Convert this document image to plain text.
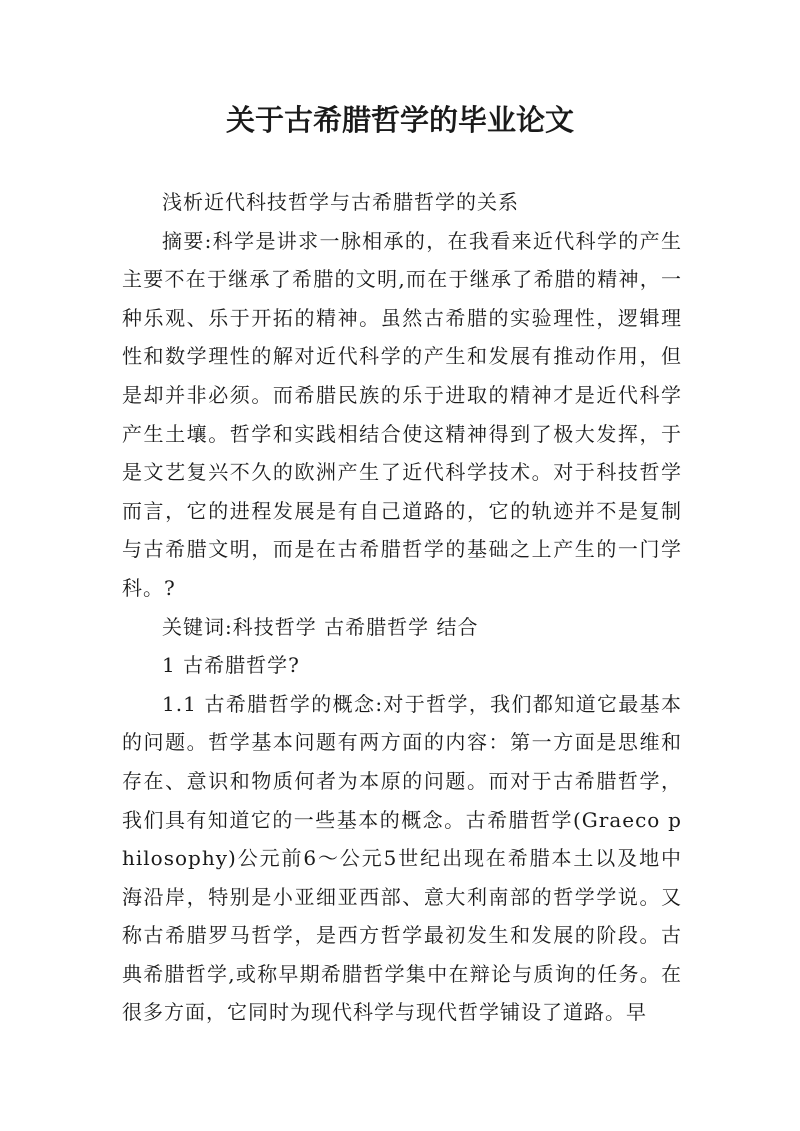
关于古希腊哲学的毕业论文

浅析近代科技哲学与古希腊哲学的关系

摘要:科学是讲求一脉相承的，在我看来近代科学的产生主要不在于继承了希腊的文明,而在于继承了希腊的精神，一种乐观、乐于开拓的精神。虽然古希腊的实验理性，逻辑理性和数学理性的解对近代科学的产生和发展有推动作用，但是却并非必须。而希腊民族的乐于进取的精神才是近代科学产生土壤。哲学和实践相结合使这精神得到了极大发挥，于是文艺复兴不久的欧洲产生了近代科学技术。对于科技哲学而言，它的进程发展是有自己道路的，它的轨迹并不是复制与古希腊文明，而是在古希腊哲学的基础之上产生的一门学科。?

关键词:科技哲学 古希腊哲学 结合

1 古希腊哲学?

1.1 古希腊哲学的概念:对于哲学，我们都知道它最基本的问题。哲学基本问题有两方面的内容：第一方面是思维和存在、意识和物质何者为本原的问题。而对于古希腊哲学，我们具有知道它的一些基本的概念。古希腊哲学(Graeco philosophy)公元前6～公元5世纪出现在希腊本土以及地中海沿岸，特别是小亚细亚西部、意大利南部的哲学学说。又称古希腊罗马哲学，是西方哲学最初发生和发展的阶段。古典希腊哲学,或称早期希腊哲学集中在辩论与质询的任务。在很多方面，它同时为现代科学与现代哲学铺设了道路。早
